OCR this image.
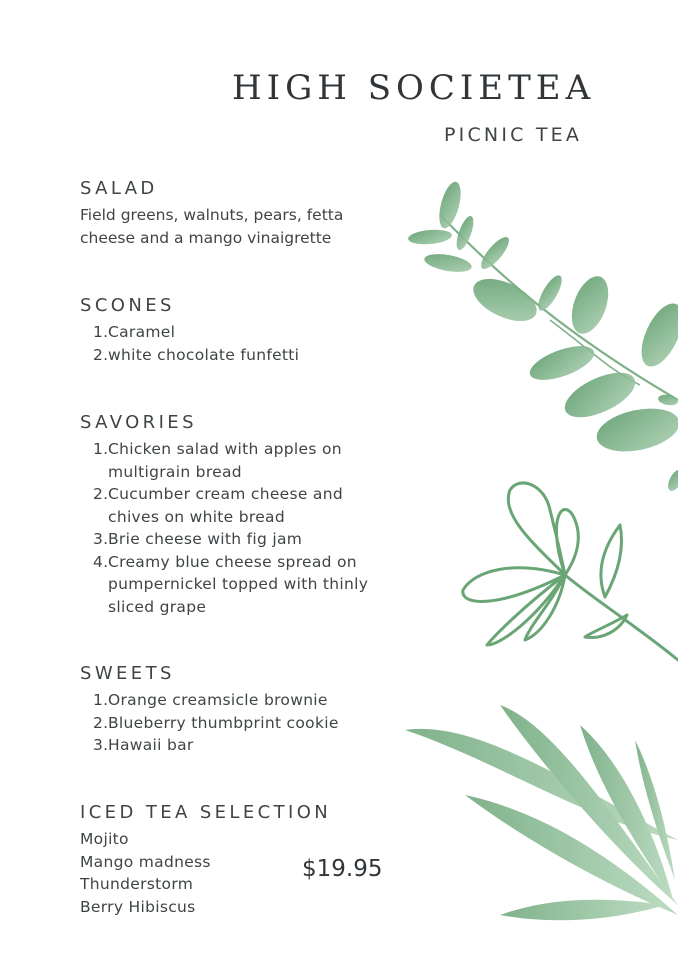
HIGH SOCIETEA
PICNIC TEA
SALAD

Field greens, walnuts, pears, fetta cheese and a mango vinaigrette

SCONES
1. Caramel
2. white chocolate funfetti
SAVORIES
1. Chicken salad with apples on multigrain bread
2. Cucumber cream cheese and chives on white bread
3. Brie cheese with fig jam
4. Creamy blue cheese spread on pumpernickel topped with thinly sliced grape
SWEETS
1. Orange creamsicle brownie
2. Blueberry thumbprint cookie
3. Hawaii bar
ICED TEA SELECTION
Mojito
Mango madness
Thunderstorm
Berry Hibiscus
$19.95
